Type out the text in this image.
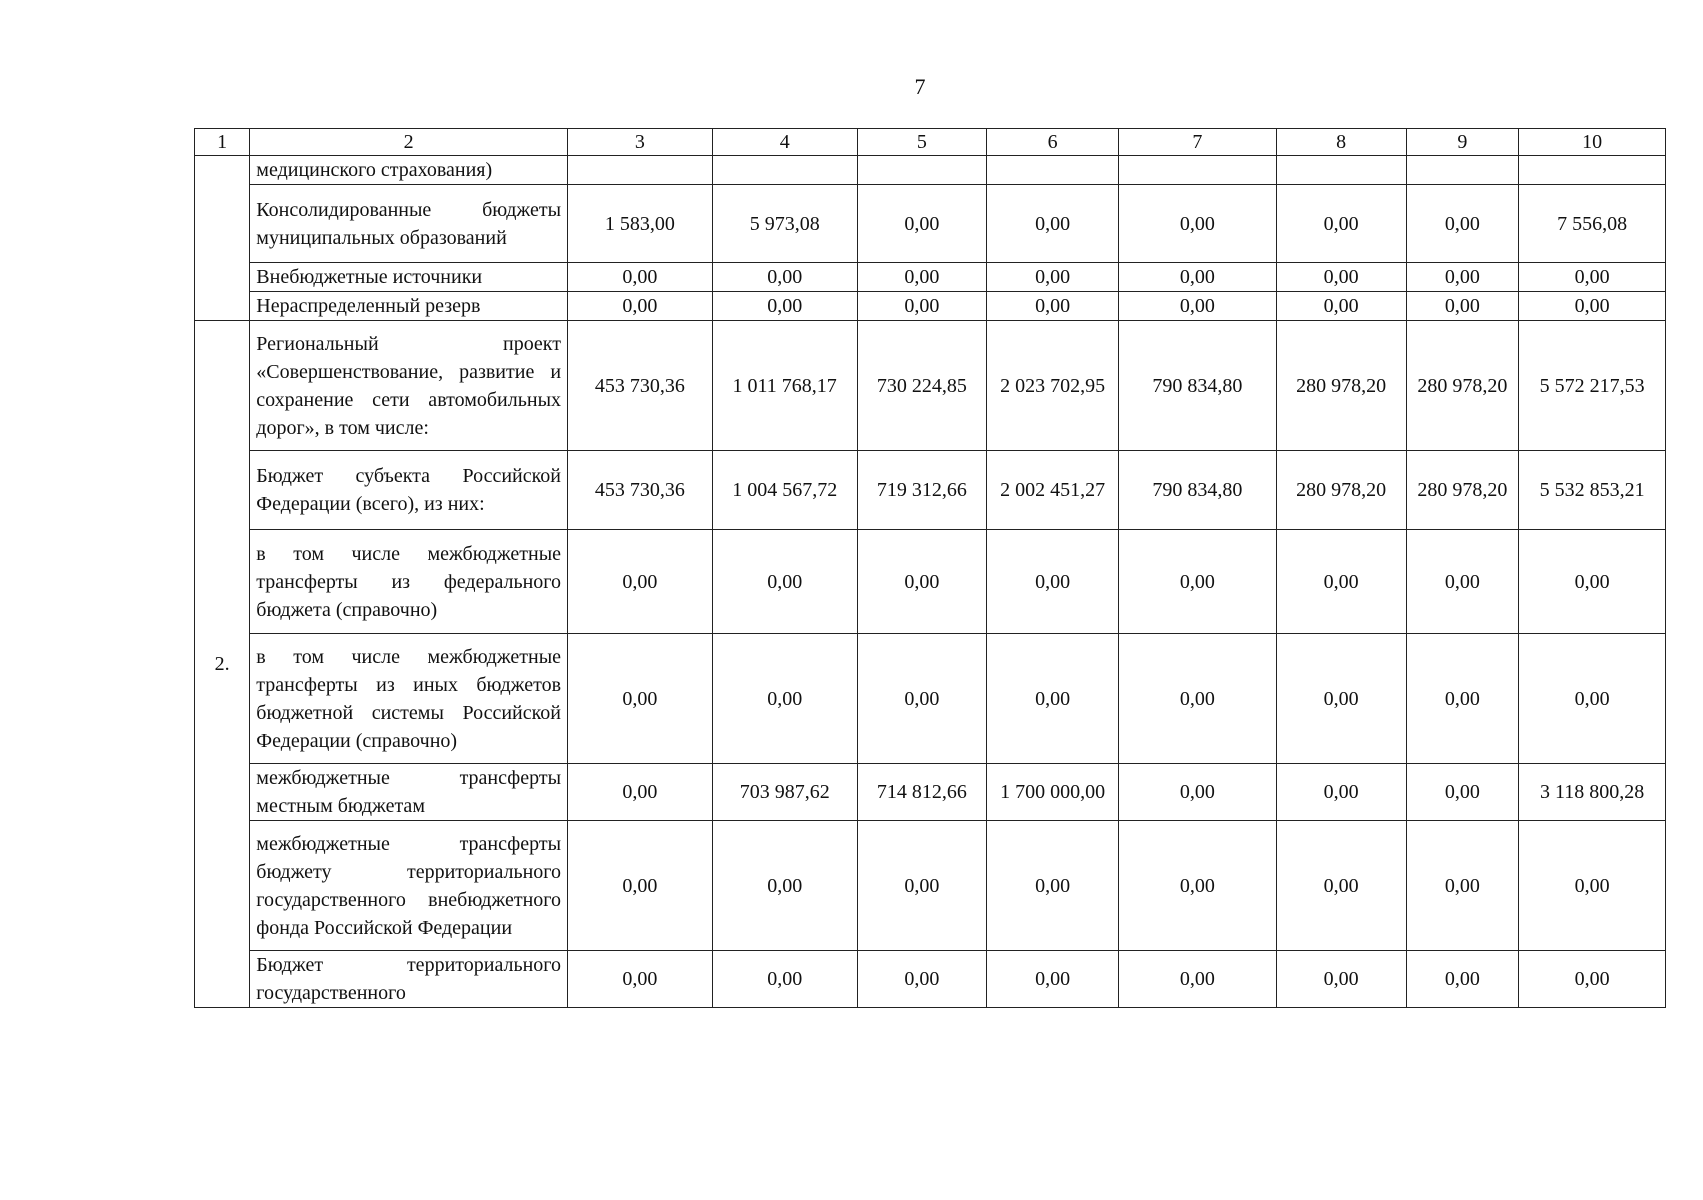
7
1	2	3	4	5	6	7	8	9	10
	медицинского страхования)								
	Консолидированные бюджеты муниципальных образований	1 583,00	5 973,08	0,00	0,00	0,00	0,00	0,00	7 556,08
	Внебюджетные источники	0,00	0,00	0,00	0,00	0,00	0,00	0,00	0,00
	Нераспределенный резерв	0,00	0,00	0,00	0,00	0,00	0,00	0,00	0,00
2.	Региональный проект «Совершенствование, развитие и сохранение сети автомобильных дорог», в том числе:	453 730,36	1 011 768,17	730 224,85	2 023 702,95	790 834,80	280 978,20	280 978,20	5 572 217,53
	Бюджет субъекта Российской Федерации (всего), из них:	453 730,36	1 004 567,72	719 312,66	2 002 451,27	790 834,80	280 978,20	280 978,20	5 532 853,21
	в том числе межбюджетные трансферты из федерального бюджета (справочно)	0,00	0,00	0,00	0,00	0,00	0,00	0,00	0,00
	в том числе межбюджетные трансферты из иных бюджетов бюджетной системы Российской Федерации (справочно)	0,00	0,00	0,00	0,00	0,00	0,00	0,00	0,00
	межбюджетные трансферты местным бюджетам	0,00	703 987,62	714 812,66	1 700 000,00	0,00	0,00	0,00	3 118 800,28
	межбюджетные трансферты бюджету территориального государственного внебюджетного фонда Российской Федерации	0,00	0,00	0,00	0,00	0,00	0,00	0,00	0,00
	Бюджет территориального государственного	0,00	0,00	0,00	0,00	0,00	0,00	0,00	0,00
